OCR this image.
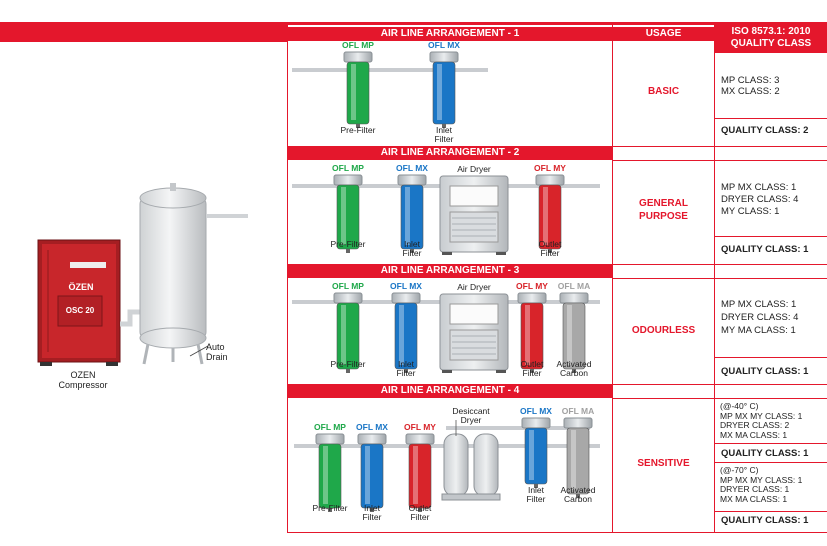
AIR LINE ARRANGEMENT - 1	USAGE	ISO 8573.1: 2010
QUALITY CLASS
AIR LINE ARRANGEMENT - 2
AIR LINE ARRANGEMENT - 3
AIR LINE ARRANGEMENT - 4
BASIC
GENERAL
PURPOSE
ODOURLESS
SENSITIVE
MP CLASS: 3
MX CLASS: 2
QUALITY CLASS: 2
MP MX CLASS: 1
DRYER CLASS: 4
MY CLASS: 1
QUALITY CLASS: 1
MP MX CLASS: 1
DRYER CLASS: 4
MY MA CLASS: 1
QUALITY CLASS: 1
(@-40° C)
MP MX MY CLASS: 1
DRYER CLASS: 2
MX MA CLASS: 1
QUALITY CLASS: 1
(@-70° C)
MP MX MY CLASS: 1
DRYER CLASS: 1
MX MA CLASS: 1
QUALITY CLASS: 1
OZEN
Compressor
ÖZEN
OSC 20
Auto
Drain
Air Dryer
Air Dryer
Desiccant
Dryer
OFL MP
Pre-Filter
OFL MX
Inlet
Filter
OFL MP
Pre-Filter
OFL MX
Inlet
Filter
OFL MY
Outlet
Filter
OFL MP
Pre-Filter
OFL MX
Inlet
Filter
OFL MY
Outlet
Filter
OFL MA
Activated
Carbon
OFL MP
Pre-Filter
OFL MX
Inlet
Filter
OFL MY
Outlet
Filter
OFL MX
Inlet
Filter
OFL MA
Activated
Carbon
